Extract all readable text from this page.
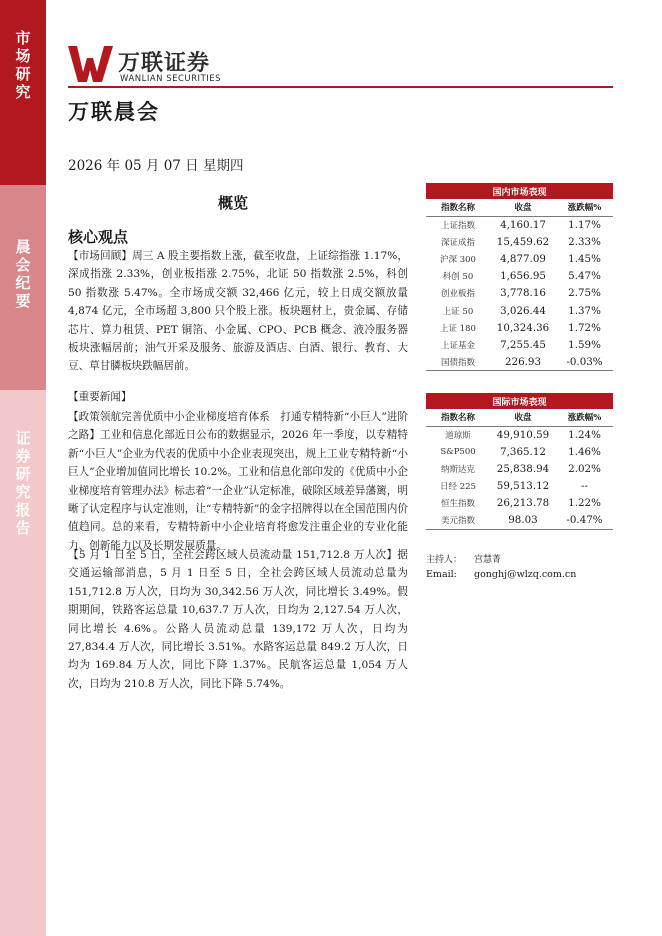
市场研究
晨会纪要
证券研究报告
万联证券
WANLIAN SECURITIES
万联晨会
2026 年 05 月 07 日 星期四
概览
核心观点
【市场回顾】周三 A 股主要指数上涨，截至收盘，上证综指涨 1.17%，深成指涨 2.33%，创业板指涨 2.75%，北证 50 指数涨 2.5%，科创 50 指数涨 5.47%。全市场成交额 32,466 亿元，较上日成交额放量 4,874 亿元，全市场超 3,800 只个股上涨。板块题材上，贵金属、存储芯片、算力租赁、PET 铜箔、小金属、CPO、PCB 概念、液冷服务器板块涨幅居前；油气开采及服务、旅游及酒店、白酒、银行、教育、大豆、草甘膦板块跌幅居前。
【重要新闻】
【政策领航完善优质中小企业梯度培育体系　打通专精特新“小巨人”进阶之路】工业和信息化部近日公布的数据显示，2026 年一季度，以专精特新“小巨人”企业为代表的优质中小企业表现突出，规上工业专精特新“小巨人”企业增加值同比增长 10.2%。工业和信息化部印发的《优质中小企业梯度培育管理办法》标志着“一企业”认定标准，破除区域差异藩篱，明晰了认定程序与认定准则，让“专精特新”的金字招牌得以在全国范围内价值趋同。总的来看，专精特新中小企业培育将愈发注重企业的专业化能力、创新能力以及长期发展质量。
【5 月 1 日至 5 日，全社会跨区域人员流动量 151,712.8 万人次】据交通运输部消息，5 月 1 日至 5 日，全社会跨区域人员流动总量为 151,712.8 万人次，日均为 30,342.56 万人次，同比增长 3.49%。假期期间，铁路客运总量 10,637.7 万人次，日均为 2,127.54 万人次，同比增长 4.6%。公路人员流动总量 139,172 万人次，日均为 27,834.4 万人次，同比增长 3.51%。水路客运总量 849.2 万人次，日均为 169.84 万人次，同比下降 1.37%。民航客运总量 1,054 万人次，日均为 210.8 万人次，同比下降 5.74%。
国内市场表现		
指数名称	收盘	涨跌幅%
上证指数	4,160.17	1.17%
深证成指	15,459.62	2.33%
沪深 300	4,877.09	1.45%
科创 50	1,656.95	5.47%
创业板指	3,778.16	2.75%
上证 50	3,026.44	1.37%
上证 180	10,324.36	1.72%
上证基金	7,255.45	1.59%
国债指数	226.93	-0.03%
国际市场表现		
指数名称	收盘	涨跌幅%
道琼斯	49,910.59	1.24%
S&P500	7,365.12	1.46%
纳斯达克	25,838.94	2.02%
日经 225	59,513.12	--
恒生指数	26,213.78	1.22%
美元指数	98.03	-0.47%
主持人： 宫慧菁
Email: gonghj@wlzq.com.cn
